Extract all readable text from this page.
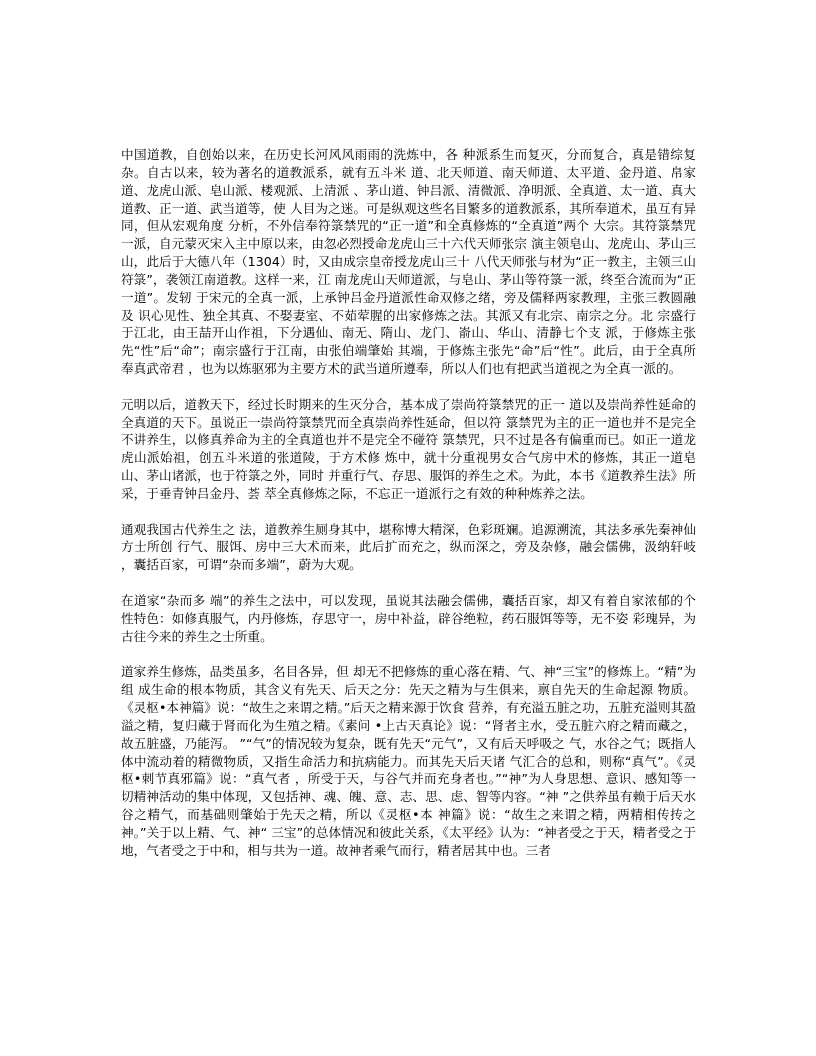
中国道教，自创始以来，在历史长河风风雨雨的洗炼中，各 种派系生而复灭，分而复合，真是错综复杂。自古以来，较为著名的道教派系，就有五斗米 道、北天师道、南天师道、太平道、金丹道、帛家道、龙虎山派、皂山派、楼观派、上清派 、茅山道、钟吕派、清微派、净明派、全真道、太一道、真大道教、正一道、武当道等，使 人目为之迷。可是纵观这些名目繁多的道教派系，其所奉道术，虽互有异同，但从宏观角度 分析，不外信奉符箓禁咒的“正一道”和全真修炼的“全真道”两个 大宗。其符箓禁咒一派，自元蒙灭宋入主中原以来，由忽必烈授命龙虎山三十六代天师张宗 演主领皂山、龙虎山、茅山三山，此后于大德八年（1304）时，又由成宗皇帝授龙虎山三十 八代天师张与材为“正一教主，主领三山符箓”，袭领江南道教。这样一来，江 南龙虎山天师道派，与皂山、茅山等符箓一派，终至合流而为“正一道”。发轫 于宋元的全真一派，上承钟吕金丹道派性命双修之绪，旁及儒释两家教理，主张三教圆融及 识心见性、独全其真、不娶妻室、不茹荤腥的出家修炼之法。其派又有北宗、南宗之分。北 宗盛行于江北，由王喆开山作祖，下分遇仙、南无、隋山、龙门、嵛山、华山、清静七个支 派，于修炼主张先“性”后“命”；南宗盛行于江南，由张伯端肇始 其端，于修炼主张先“命”后“性”。此后，由于全真所奉真武帝君 ，也为以炼驱邪为主要方术的武当道所遵奉，所以人们也有把武当道视之为全真一派的。

元明以后，道教天下，经过长时期来的生灭分合，基本成了崇尚符箓禁咒的正一 道以及崇尚养性延命的全真道的天下。虽说正一崇尚符箓禁咒而全真崇尚养性延命，但以符 箓禁咒为主的正一道也并不是完全不讲养生，以修真养命为主的全真道也并不是完全不碰符 箓禁咒，只不过是各有偏重而已。如正一道龙虎山派始祖，创五斗米道的张道陵，于方术修 炼中，就十分重视男女合气房中术的修炼，其正一道皂山、茅山诸派，也于符箓之外，同时 并重行气、存思、服饵的养生之术。为此，本书《道教养生法》所采，于垂青钟吕金丹、荟 萃全真修炼之际，不忘正一道派行之有效的种种炼养之法。

通观我国古代养生之 法，道教养生厕身其中，堪称博大精深，色彩斑斓。追源溯流，其法多承先秦神仙方士所创 行气、服饵、房中三大术而来，此后扩而充之，纵而深之，旁及杂修，融会儒佛，汲纳轩岐 ，囊括百家，可谓“杂而多端”，蔚为大观。

在道家“杂而多 端”的养生之法中，可以发现，虽说其法融会儒佛，囊括百家，却又有着自家浓郁的个 性特色：如修真服气，内丹修炼，存思守一，房中补益，辟谷绝粒，药石服饵等等，无不姿 彩瑰异，为古往今来的养生之士所重。

道家养生修炼，品类虽多，名目各异，但 却无不把修炼的重心落在精、气、神“三宝”的修炼上。“精”为组 成生命的根本物质，其含义有先天、后天之分：先天之精为与生俱来，禀自先天的生命起源 物质。《灵枢•本神篇》说：“故生之来谓之精。”后天之精来源于饮食 营养，有充溢五脏之功，五脏充溢则其盈溢之精，复归藏于肾而化为生殖之精。《素问 •上古天真论》说：“肾者主水，受五脏六府之精而藏之，故五脏盛，乃能泻。 ”“气”的情况较为复杂，既有先天“元气”，又有后天呼吸之 气，水谷之气；既指人体中流动着的精微物质，又指生命活力和抗病能力。而其先天后天诸 气汇合的总和，则称“真气”。《灵枢•刺节真邪篇》说：“真气者 ，所受于天，与谷气并而充身者也。”“神”为人身思想、意识、感知等一 切精神活动的集中体现，又包括神、魂、魄、意、志、思、虑、智等内容。“神 ”之供养虽有赖于后天水谷之精气，而基础则肇始于先天之精，所以《灵枢•本 神篇》说：“故生之来谓之精，两精相传抟之神。”关于以上精、气、神“ 三宝”的总体情况和彼此关系，《太平经》认为：“神者受之于天，精者受之于 地，气者受之于中和，相与共为一道。故神者乘气而行，精者居其中也。三者
